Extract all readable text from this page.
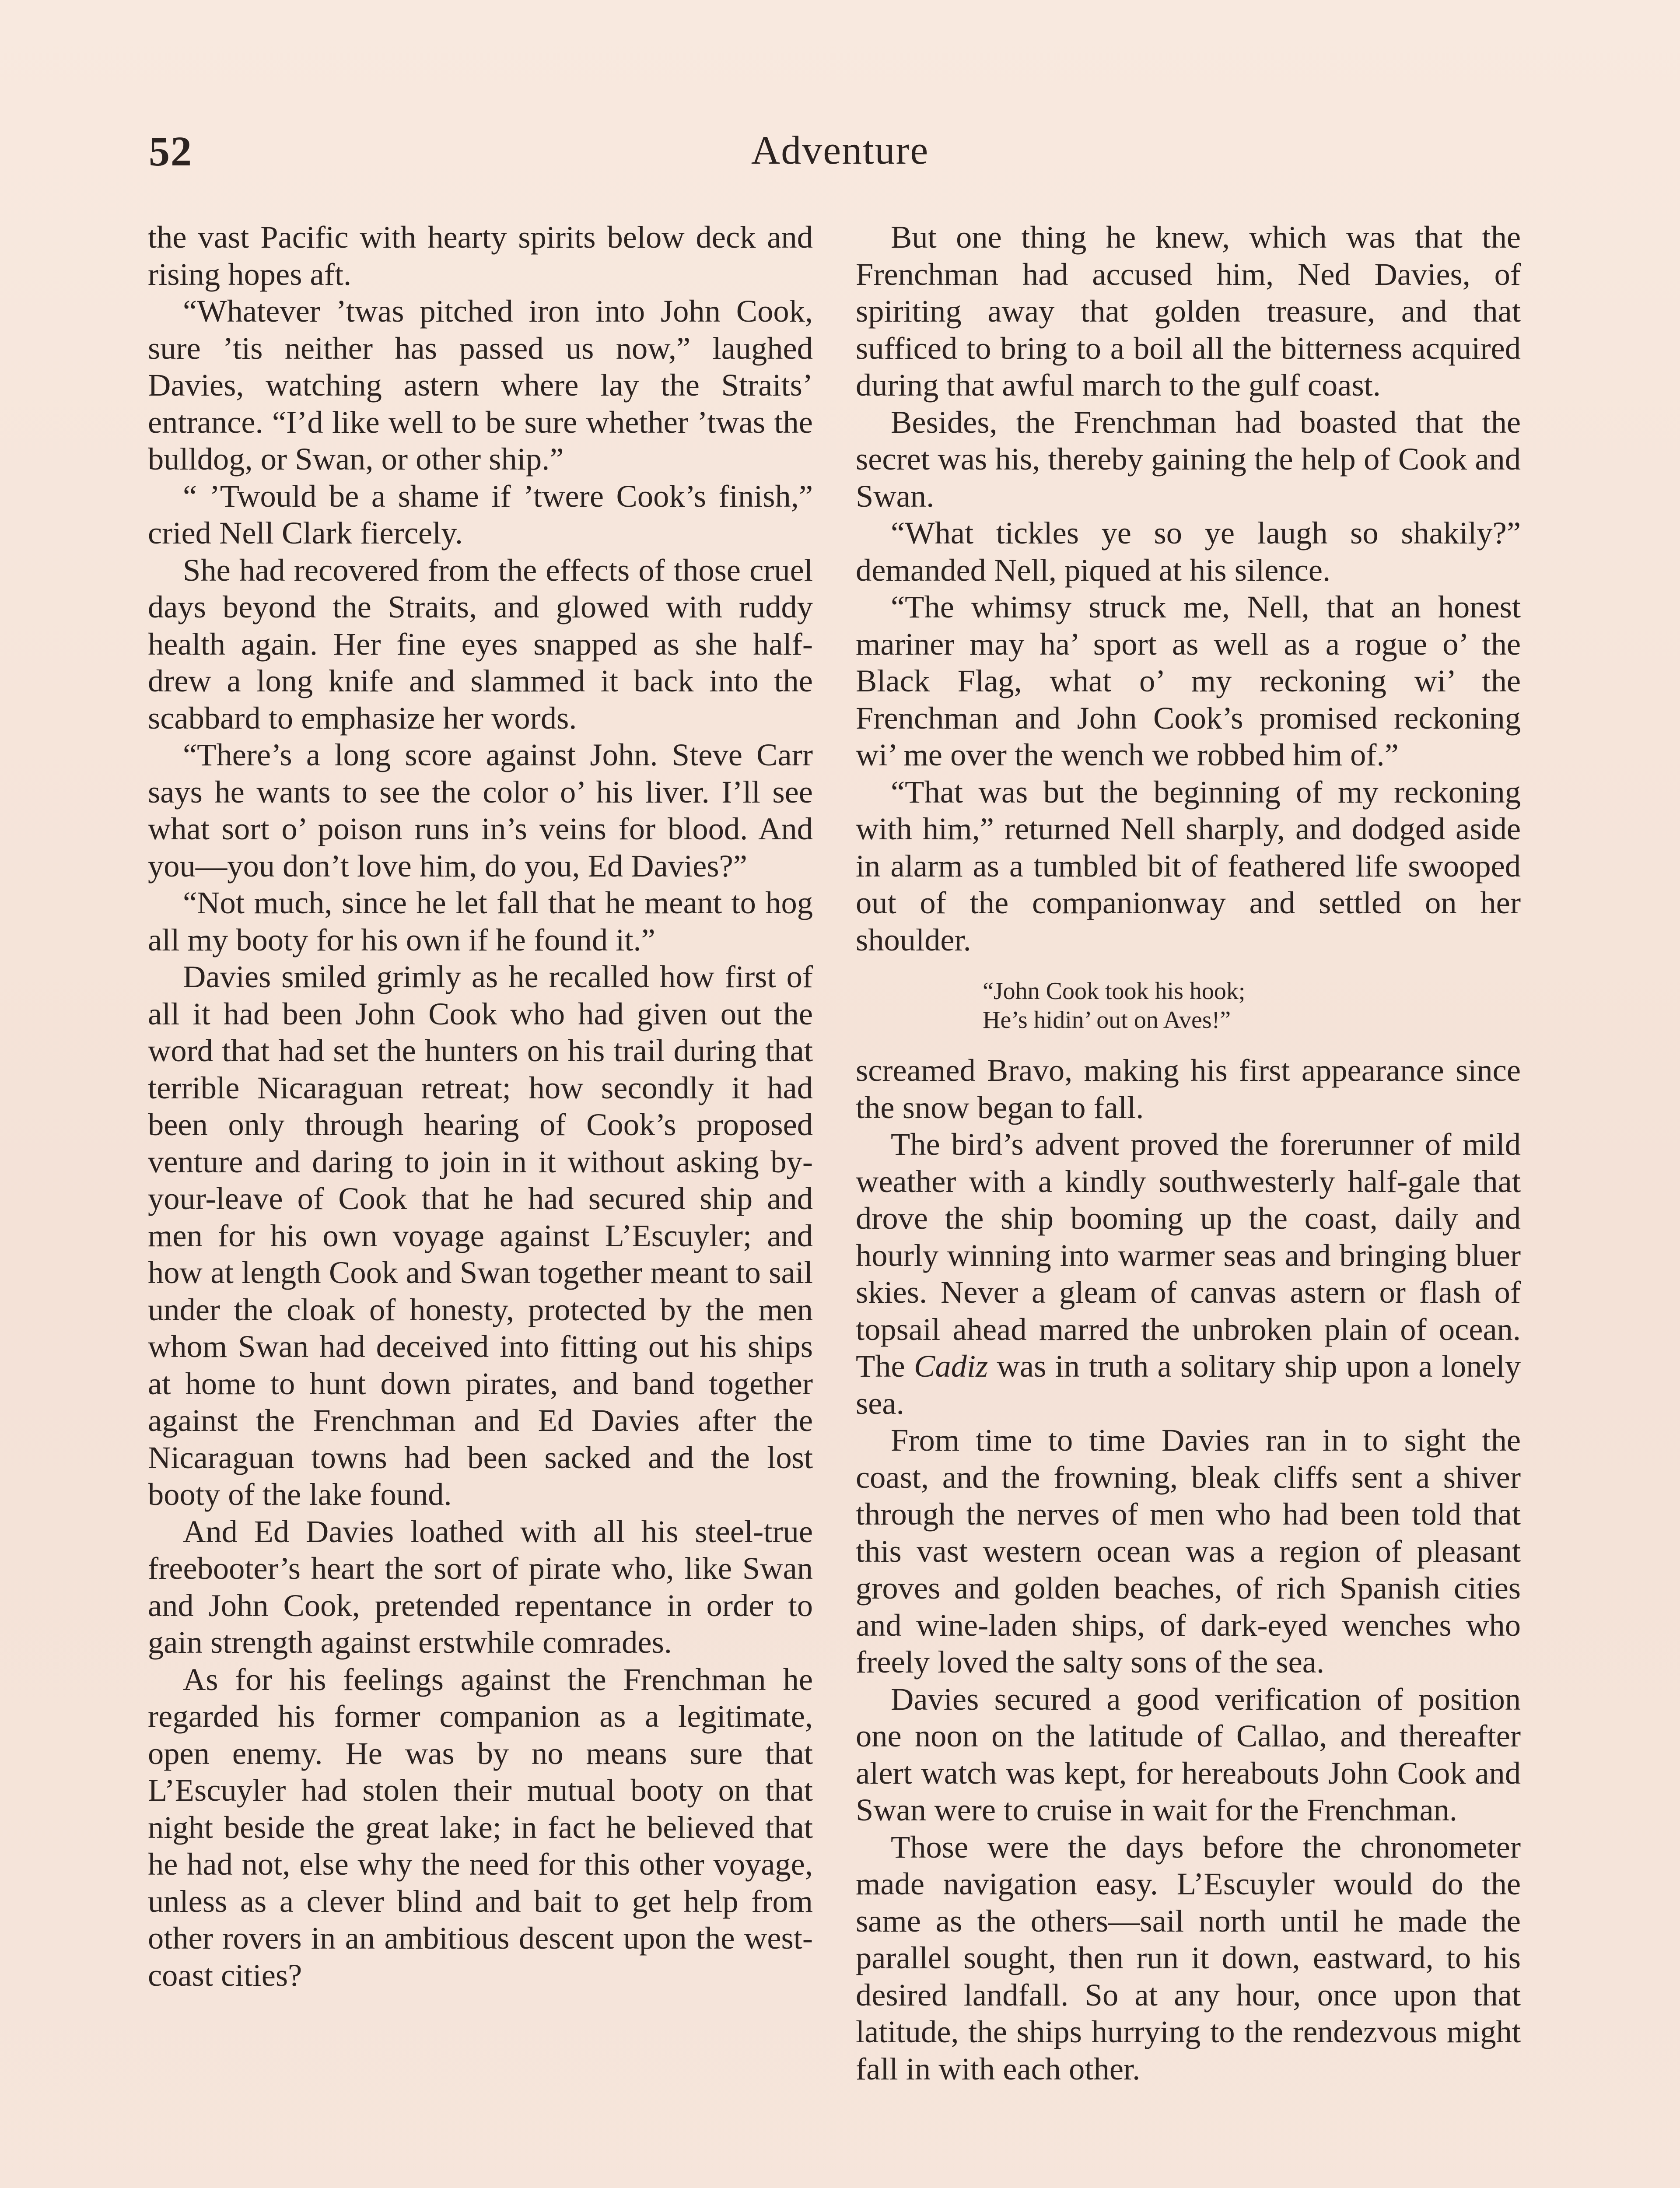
52	Adventure

the vast Pacific with hearty spirits below deck and rising hopes aft.

“Whatever ’twas pitched iron into John Cook, sure ’tis neither has passed us now,” laughed Davies, watching astern where lay the Straits’ entrance. “I’d like well to be sure whether ’twas the bulldog, or Swan, or other ship.”

“ ’Twould be a shame if ’twere Cook’s finish,” cried Nell Clark fiercely.

She had recovered from the effects of those cruel days beyond the Straits, and glowed with ruddy health again. Her fine eyes snapped as she half-drew a long knife and slammed it back into the scabbard to emphasize her words.

“There’s a long score against John. Steve Carr says he wants to see the color o’ his liver. I’ll see what sort o’ poison runs in’s veins for blood. And you—you don’t love him, do you, Ed Davies?”

“Not much, since he let fall that he meant to hog all my booty for his own if he found it.”

Davies smiled grimly as he recalled how first of all it had been John Cook who had given out the word that had set the hunters on his trail during that terrible Nicaraguan retreat; how secondly it had been only through hearing of Cook’s proposed venture and daring to join in it without asking by-your-leave of Cook that he had secured ship and men for his own voyage against L’Escuyler; and how at length Cook and Swan together meant to sail under the cloak of honesty, protected by the men whom Swan had deceived into fitting out his ships at home to hunt down pirates, and band together against the Frenchman and Ed Davies after the Nicaraguan towns had been sacked and the lost booty of the lake found.

And Ed Davies loathed with all his steel-true freebooter’s heart the sort of pirate who, like Swan and John Cook, pretended repentance in order to gain strength against erstwhile comrades.

As for his feelings against the Frenchman he regarded his former companion as a legitimate, open enemy. He was by no means sure that L’Escuyler had stolen their mutual booty on that night beside the great lake; in fact he believed that he had not, else why the need for this other voyage, unless as a clever blind and bait to get help from other rovers in an ambitious descent upon the west-coast cities?

But one thing he knew, which was that the Frenchman had accused him, Ned Davies, of spiriting away that golden treasure, and that sufficed to bring to a boil all the bitterness acquired during that awful march to the gulf coast.

Besides, the Frenchman had boasted that the secret was his, thereby gaining the help of Cook and Swan.

“What tickles ye so ye laugh so shakily?” demanded Nell, piqued at his silence.

“The whimsy struck me, Nell, that an honest mariner may ha’ sport as well as a rogue o’ the Black Flag, what o’ my reckoning wi’ the Frenchman and John Cook’s promised reckoning wi’ me over the wench we robbed him of.”

“That was but the beginning of my reckoning with him,” returned Nell sharply, and dodged aside in alarm as a tumbled bit of feathered life swooped out of the companionway and settled on her shoulder.

“John Cook took his hook;
He’s hidin’ out on Aves!”

screamed Bravo, making his first appearance since the snow began to fall.

The bird’s advent proved the forerunner of mild weather with a kindly southwesterly half-gale that drove the ship booming up the coast, daily and hourly winning into warmer seas and bringing bluer skies. Never a gleam of canvas astern or flash of topsail ahead marred the unbroken plain of ocean. The Cadiz was in truth a solitary ship upon a lonely sea.

From time to time Davies ran in to sight the coast, and the frowning, bleak cliffs sent a shiver through the nerves of men who had been told that this vast western ocean was a region of pleasant groves and golden beaches, of rich Spanish cities and wine-laden ships, of dark-eyed wenches who freely loved the salty sons of the sea.

Davies secured a good verification of position one noon on the latitude of Callao, and thereafter alert watch was kept, for hereabouts John Cook and Swan were to cruise in wait for the Frenchman.

Those were the days before the chronometer made navigation easy. L’Escuyler would do the same as the others—sail north until he made the parallel sought, then run it down, eastward, to his desired landfall. So at any hour, once upon that latitude, the ships hurrying to the rendezvous might fall in with each other.
